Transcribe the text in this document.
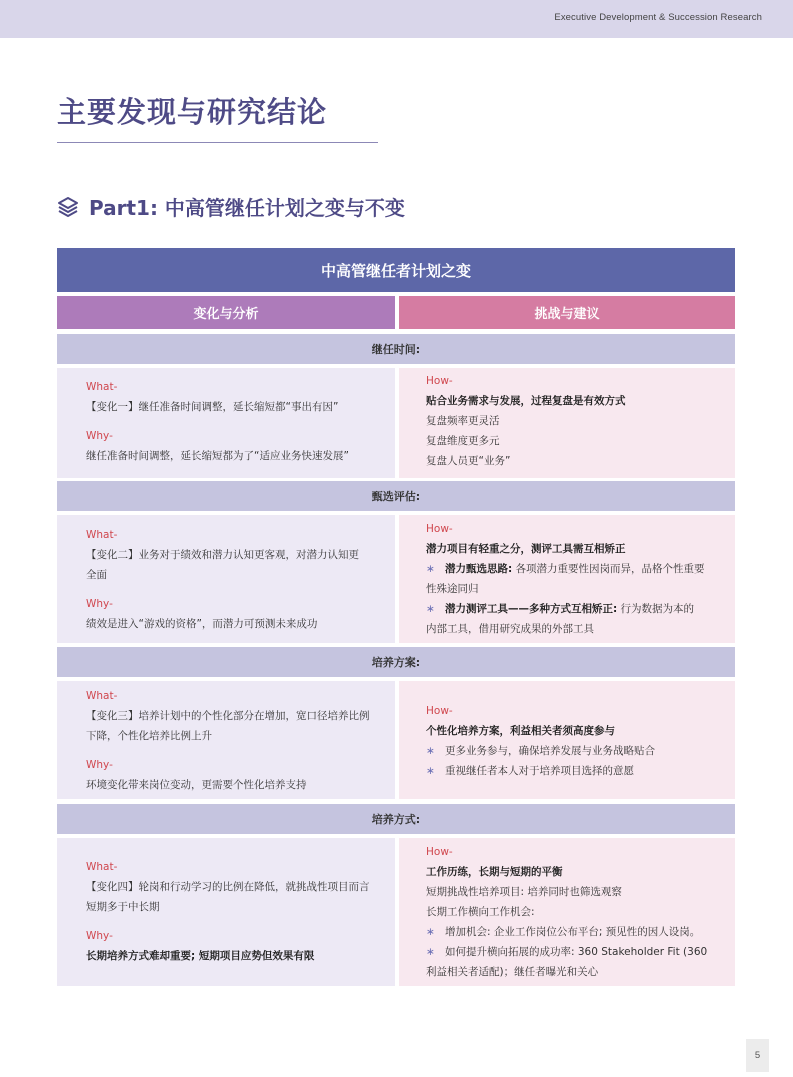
Executive Development & Succession Research
主要发现与研究结论
Part1: 中高管继任计划之变与不变
中高管继任者计划之变
变化与分析	挑战与建议
继任时间:
What-
【变化一】继任准备时间调整，延长缩短都“事出有因”
Why-
继任准备时间调整，延长缩短都为了“适应业务快速发展”
How-
贴合业务需求与发展，过程复盘是有效方式
复盘频率更灵活
复盘维度更多元
复盘人员更“业务”
甄选评估:
What-
【变化二】业务对于绩效和潜力认知更客观，对潜力认知更
全面
Why-
绩效是进入“游戏的资格”，而潜力可预测未来成功
How-
潜力项目有轻重之分，测评工具需互相矫正
∗ 潜力甄选思路: 各项潜力重要性因岗而异，品格个性重要
性殊途同归
∗ 潜力测评工具——多种方式互相矫正: 行为数据为本的
内部工具，借用研究成果的外部工具
培养方案:
What-
【变化三】培养计划中的个性化部分在增加，宽口径培养比例
下降，个性化培养比例上升
Why-
环境变化带来岗位变动，更需要个性化培养支持
How-
个性化培养方案，利益相关者须高度参与
∗ 更多业务参与，确保培养发展与业务战略贴合
∗ 重视继任者本人对于培养项目选择的意愿
培养方式:
What-
【变化四】轮岗和行动学习的比例在降低，就挑战性项目而言
短期多于中长期
Why-
长期培养方式难却重要; 短期项目应势但效果有限
How-
工作历练，长期与短期的平衡
短期挑战性培养项目: 培养同时也筛选观察
长期工作横向工作机会:
∗ 增加机会: 企业工作岗位公布平台; 预见性的因人设岗。
∗ 如何提升横向拓展的成功率: 360 Stakeholder Fit (360
利益相关者适配)；继任者曝光和关心
5
